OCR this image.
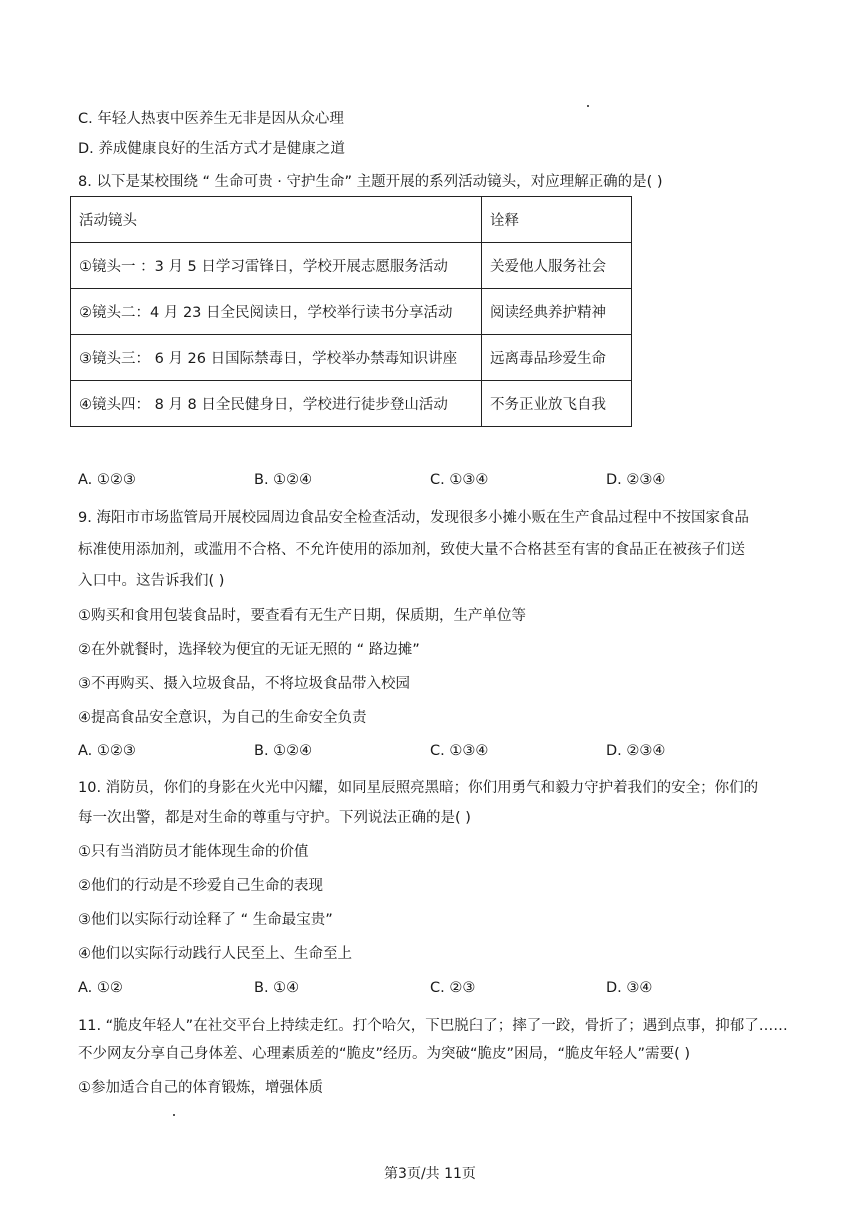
C. 年轻人热衷中医养生无非是因从众心理
D. 养成健康良好的生活方式才是健康之道
8. 以下是某校围绕 “ 生命可贵 · 守护生命” 主题开展的系列活动镜头，对应理解正确的是( )
活动镜头	诠释
①镜头一 ：3 月 5 日学习雷锋日，学校开展志愿服务活动	关爱他人服务社会
②镜头二：4 月 23 日全民阅读日，学校举行读书分享活动	阅读经典养护精神
③镜头三： 6 月 26 日国际禁毒日，学校举办禁毒知识讲座	远离毒品珍爱生命
④镜头四： 8 月 8 日全民健身日，学校进行徒步登山活动	不务正业放飞自我
A. ①②③	B. ①②④	C. ①③④	D. ②③④
9. 海阳市市场监管局开展校园周边食品安全检查活动，发现很多小摊小贩在生产食品过程中不按国家食品
标准使用添加剂，或滥用不合格、不允许使用的添加剂，致使大量不合格甚至有害的食品正在被孩子们送
入口中。这告诉我们( )
①购买和食用包装食品时，要查看有无生产日期，保质期，生产单位等
②在外就餐时，选择较为便宜的无证无照的 “ 路边摊”
③不再购买、摄入垃圾食品，不将垃圾食品带入校园
④提高食品安全意识，为自己的生命安全负责
A. ①②③	B. ①②④	C. ①③④	D. ②③④
10. 消防员，你们的身影在火光中闪耀，如同星辰照亮黑暗；你们用勇气和毅力守护着我们的安全；你们的
每一次出警，都是对生命的尊重与守护。下列说法正确的是( )
①只有当消防员才能体现生命的价值
②他们的行动是不珍爱自己生命的表现
③他们以实际行动诠释了 “ 生命最宝贵”
④他们以实际行动践行人民至上、生命至上
A. ①②	B. ①④	C. ②③	D. ③④
11. “脆皮年轻人”在社交平台上持续走红。打个哈欠，下巴脱臼了；摔了一跤，骨折了；遇到点事，抑郁了……
不少网友分享自己身体差、心理素质差的“脆皮”经历。为突破“脆皮”困局，“脆皮年轻人”需要( )
①参加适合自己的体育锻炼，增强体质
第3页/共 11页
